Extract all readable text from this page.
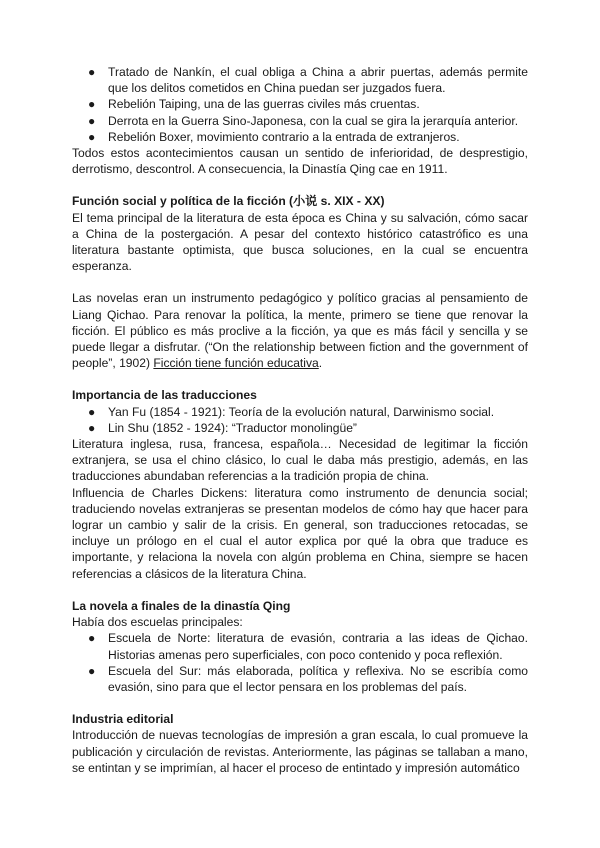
● Tratado de Nankín, el cual obliga a China a abrir puertas, además permite que los delitos cometidos en China puedan ser juzgados fuera.
● Rebelión Taiping, una de las guerras civiles más cruentas.
● Derrota en la Guerra Sino-Japonesa, con la cual se gira la jerarquía anterior.
● Rebelión Boxer, movimiento contrario a la entrada de extranjeros.

Todos estos acontecimientos causan un sentido de inferioridad, de desprestigio, derrotismo, descontrol. A consecuencia, la Dinastía Qing cae en 1911.

Función social y política de la ficción (小说 s. XIX - XX)

El tema principal de la literatura de esta época es China y su salvación, cómo sacar a China de la postergación. A pesar del contexto histórico catastrófico es una literatura bastante optimista, que busca soluciones, en la cual se encuentra esperanza.

Las novelas eran un instrumento pedagógico y político gracias al pensamiento de Liang Qichao. Para renovar la política, la mente, primero se tiene que renovar la ficción. El público es más proclive a la ficción, ya que es más fácil y sencilla y se puede llegar a disfrutar. (“On the relationship between fiction and the government of people”, 1902) Ficción tiene función educativa.

Importancia de las traducciones
● Yan Fu (1854 - 1921): Teoría de la evolución natural, Darwinismo social.
● Lin Shu (1852 - 1924): “Traductor monolingüe”

Literatura inglesa, rusa, francesa, española… Necesidad de legitimar la ficción extranjera, se usa el chino clásico, lo cual le daba más prestigio, además, en las traducciones abundaban referencias a la tradición propia de china.

Influencia de Charles Dickens: literatura como instrumento de denuncia social; traduciendo novelas extranjeras se presentan modelos de cómo hay que hacer para lograr un cambio y salir de la crisis. En general, son traducciones retocadas, se incluye un prólogo en el cual el autor explica por qué la obra que traduce es importante, y relaciona la novela con algún problema en China, siempre se hacen referencias a clásicos de la literatura China.

La novela a finales de la dinastía Qing

Había dos escuelas principales:

● Escuela de Norte: literatura de evasión, contraria a las ideas de Qichao. Historias amenas pero superficiales, con poco contenido y poca reflexión.
● Escuela del Sur: más elaborada, política y reflexiva. No se escribía como evasión, sino para que el lector pensara en los problemas del país.
Industria editorial

Introducción de nuevas tecnologías de impresión a gran escala, lo cual promueve la publicación y circulación de revistas. Anteriormente, las páginas se tallaban a mano, se entintan y se imprimían, al hacer el proceso de entintado y impresión automático
